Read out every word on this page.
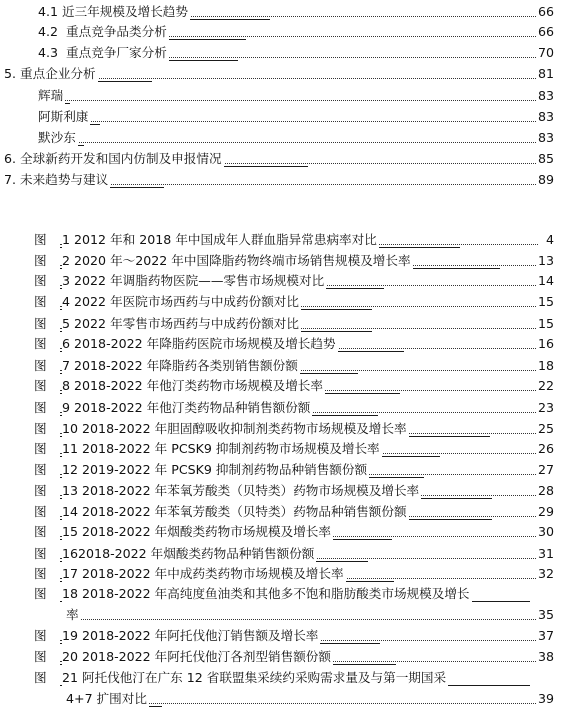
4.1 近三年规模及增长趋势	66
4.2 重点竞争品类分析	66
4.3 重点竞争厂家分析	70
5. 重点企业分析	81
辉瑞	83
阿斯利康	83
默沙东	83
6. 全球新药开发和国内仿制及申报情况	85
7. 未来趋势与建议	89
图 1 2012 年和 2018 年中国成年人群血脂异常患病率对比	4
图 2 2020 年～2022 年中国降脂药物终端市场销售规模及增长率	13
图 3 2022 年调脂药物医院——零售市场规模对比	14
图 4 2022 年医院市场西药与中成药份额对比	15
图 5 2022 年零售市场西药与中成药份额对比	15
图 6 2018-2022 年降脂药医院市场规模及增长趋势	16
图 7 2018-2022 年降脂药各类别销售额份额	18
图 8 2018-2022 年他汀类药物市场规模及增长率	22
图 9 2018-2022 年他汀类药物品种销售额份额	23
图 10 2018-2022 年胆固醇吸收抑制剂类药物市场规模及增长率	25
图 11 2018-2022 年 PCSK9 抑制剂药物市场规模及增长率	26
图 12 2019-2022 年 PCSK9 抑制剂药物品种销售额份额	27
图 13 2018-2022 年苯氧芳酸类（贝特类）药物市场规模及增长率	28
图 14 2018-2022 年苯氧芳酸类（贝特类）药物品种销售额份额	29
图 15 2018-2022 年烟酸类药物市场规模及增长率	30
图 162018-2022 年烟酸类药物品种销售额份额	31
图 17 2018-2022 年中成药类药物市场规模及增长率	32
图 18 2018-2022 年高纯度鱼油类和其他多不饱和脂肪酸类市场规模及增长
率	35
图 19 2018-2022 年阿托伐他汀销售额及增长率	37
图 20 2018-2022 年阿托伐他汀各剂型销售额份额	38
图 21 阿托伐他汀在广东 12 省联盟集采续约采购需求量及与第一期国采
4+7 扩围对比	39
